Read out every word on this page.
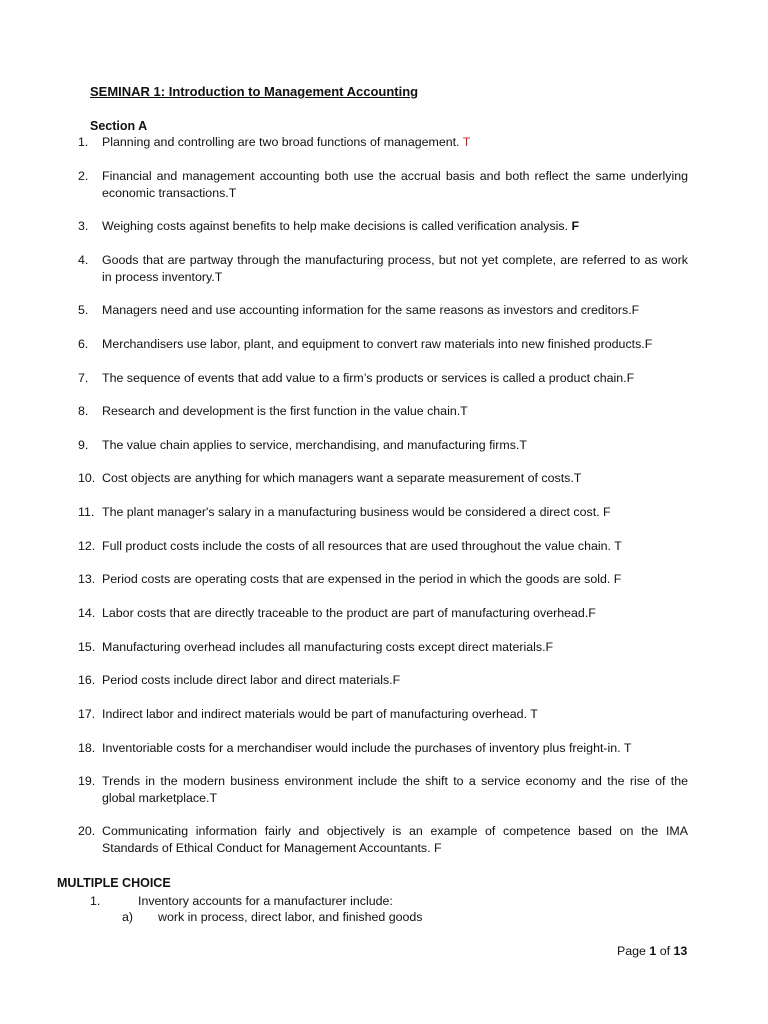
SEMINAR 1: Introduction to Management Accounting
Section A
1. Planning and controlling are two broad functions of management. T
2. Financial and management accounting both use the accrual basis and both reflect the same underlying economic transactions.T
3. Weighing costs against benefits to help make decisions is called verification analysis. F
4. Goods that are partway through the manufacturing process, but not yet complete, are referred to as work in process inventory.T
5. Managers need and use accounting information for the same reasons as investors and creditors.F
6. Merchandisers use labor, plant, and equipment to convert raw materials into new finished products.F
7. The sequence of events that add value to a firm’s products or services is called a product chain.F
8. Research and development is the first function in the value chain.T
9. The value chain applies to service, merchandising, and manufacturing firms.T
10. Cost objects are anything for which managers want a separate measurement of costs.T
11. The plant manager's salary in a manufacturing business would be considered a direct cost. F
12. Full product costs include the costs of all resources that are used throughout the value chain. T
13. Period costs are operating costs that are expensed in the period in which the goods are sold. F
14. Labor costs that are directly traceable to the product are part of manufacturing overhead.F
15. Manufacturing overhead includes all manufacturing costs except direct materials.F
16. Period costs include direct labor and direct materials.F
17. Indirect labor and indirect materials would be part of manufacturing overhead. T
18. Inventoriable costs for a merchandiser would include the purchases of inventory plus freight-in. T
19. Trends in the modern business environment include the shift to a service economy and the rise of the global marketplace.T
20. Communicating information fairly and objectively is an example of competence based on the IMA Standards of Ethical Conduct for Management Accountants. F
MULTIPLE CHOICE
1.	Inventory accounts for a manufacturer include:
a) work in process, direct labor, and finished goods
Page 1 of 13
